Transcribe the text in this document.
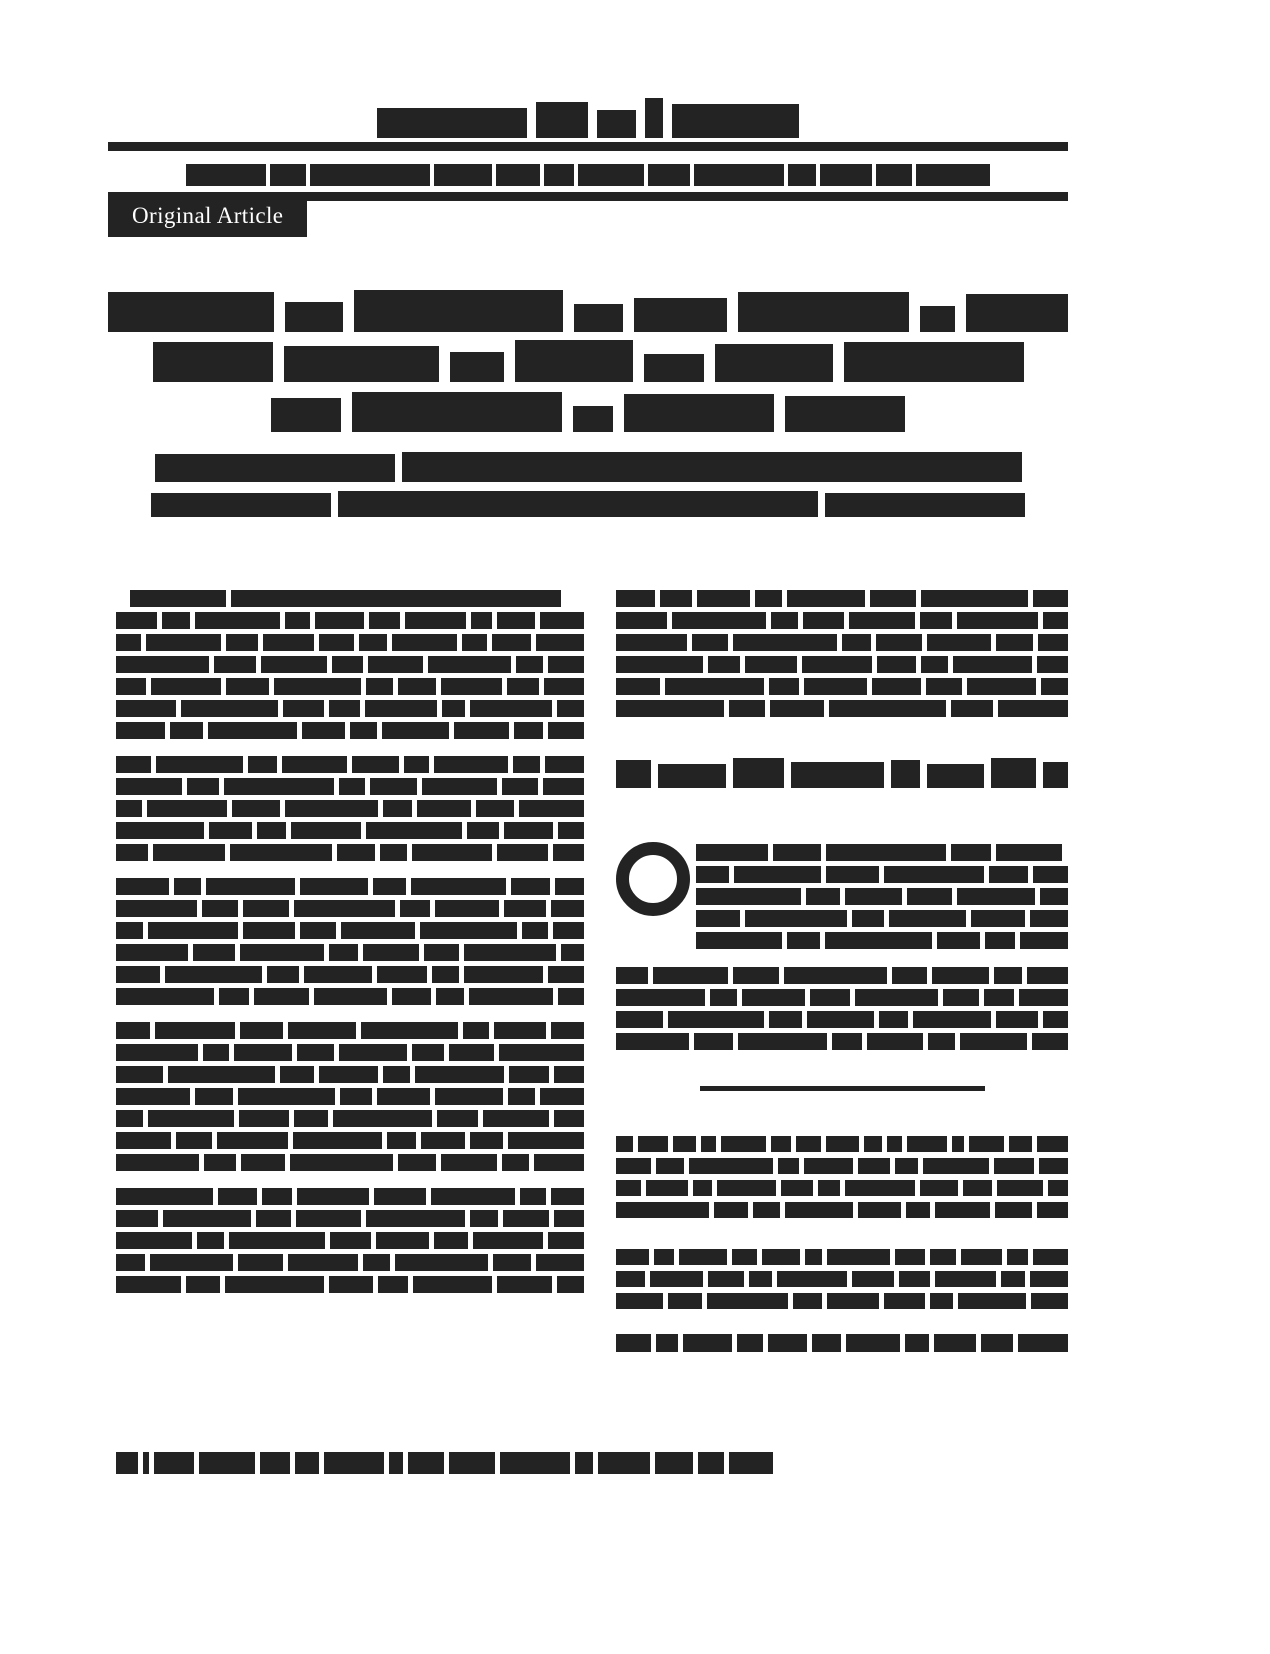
Original Article
